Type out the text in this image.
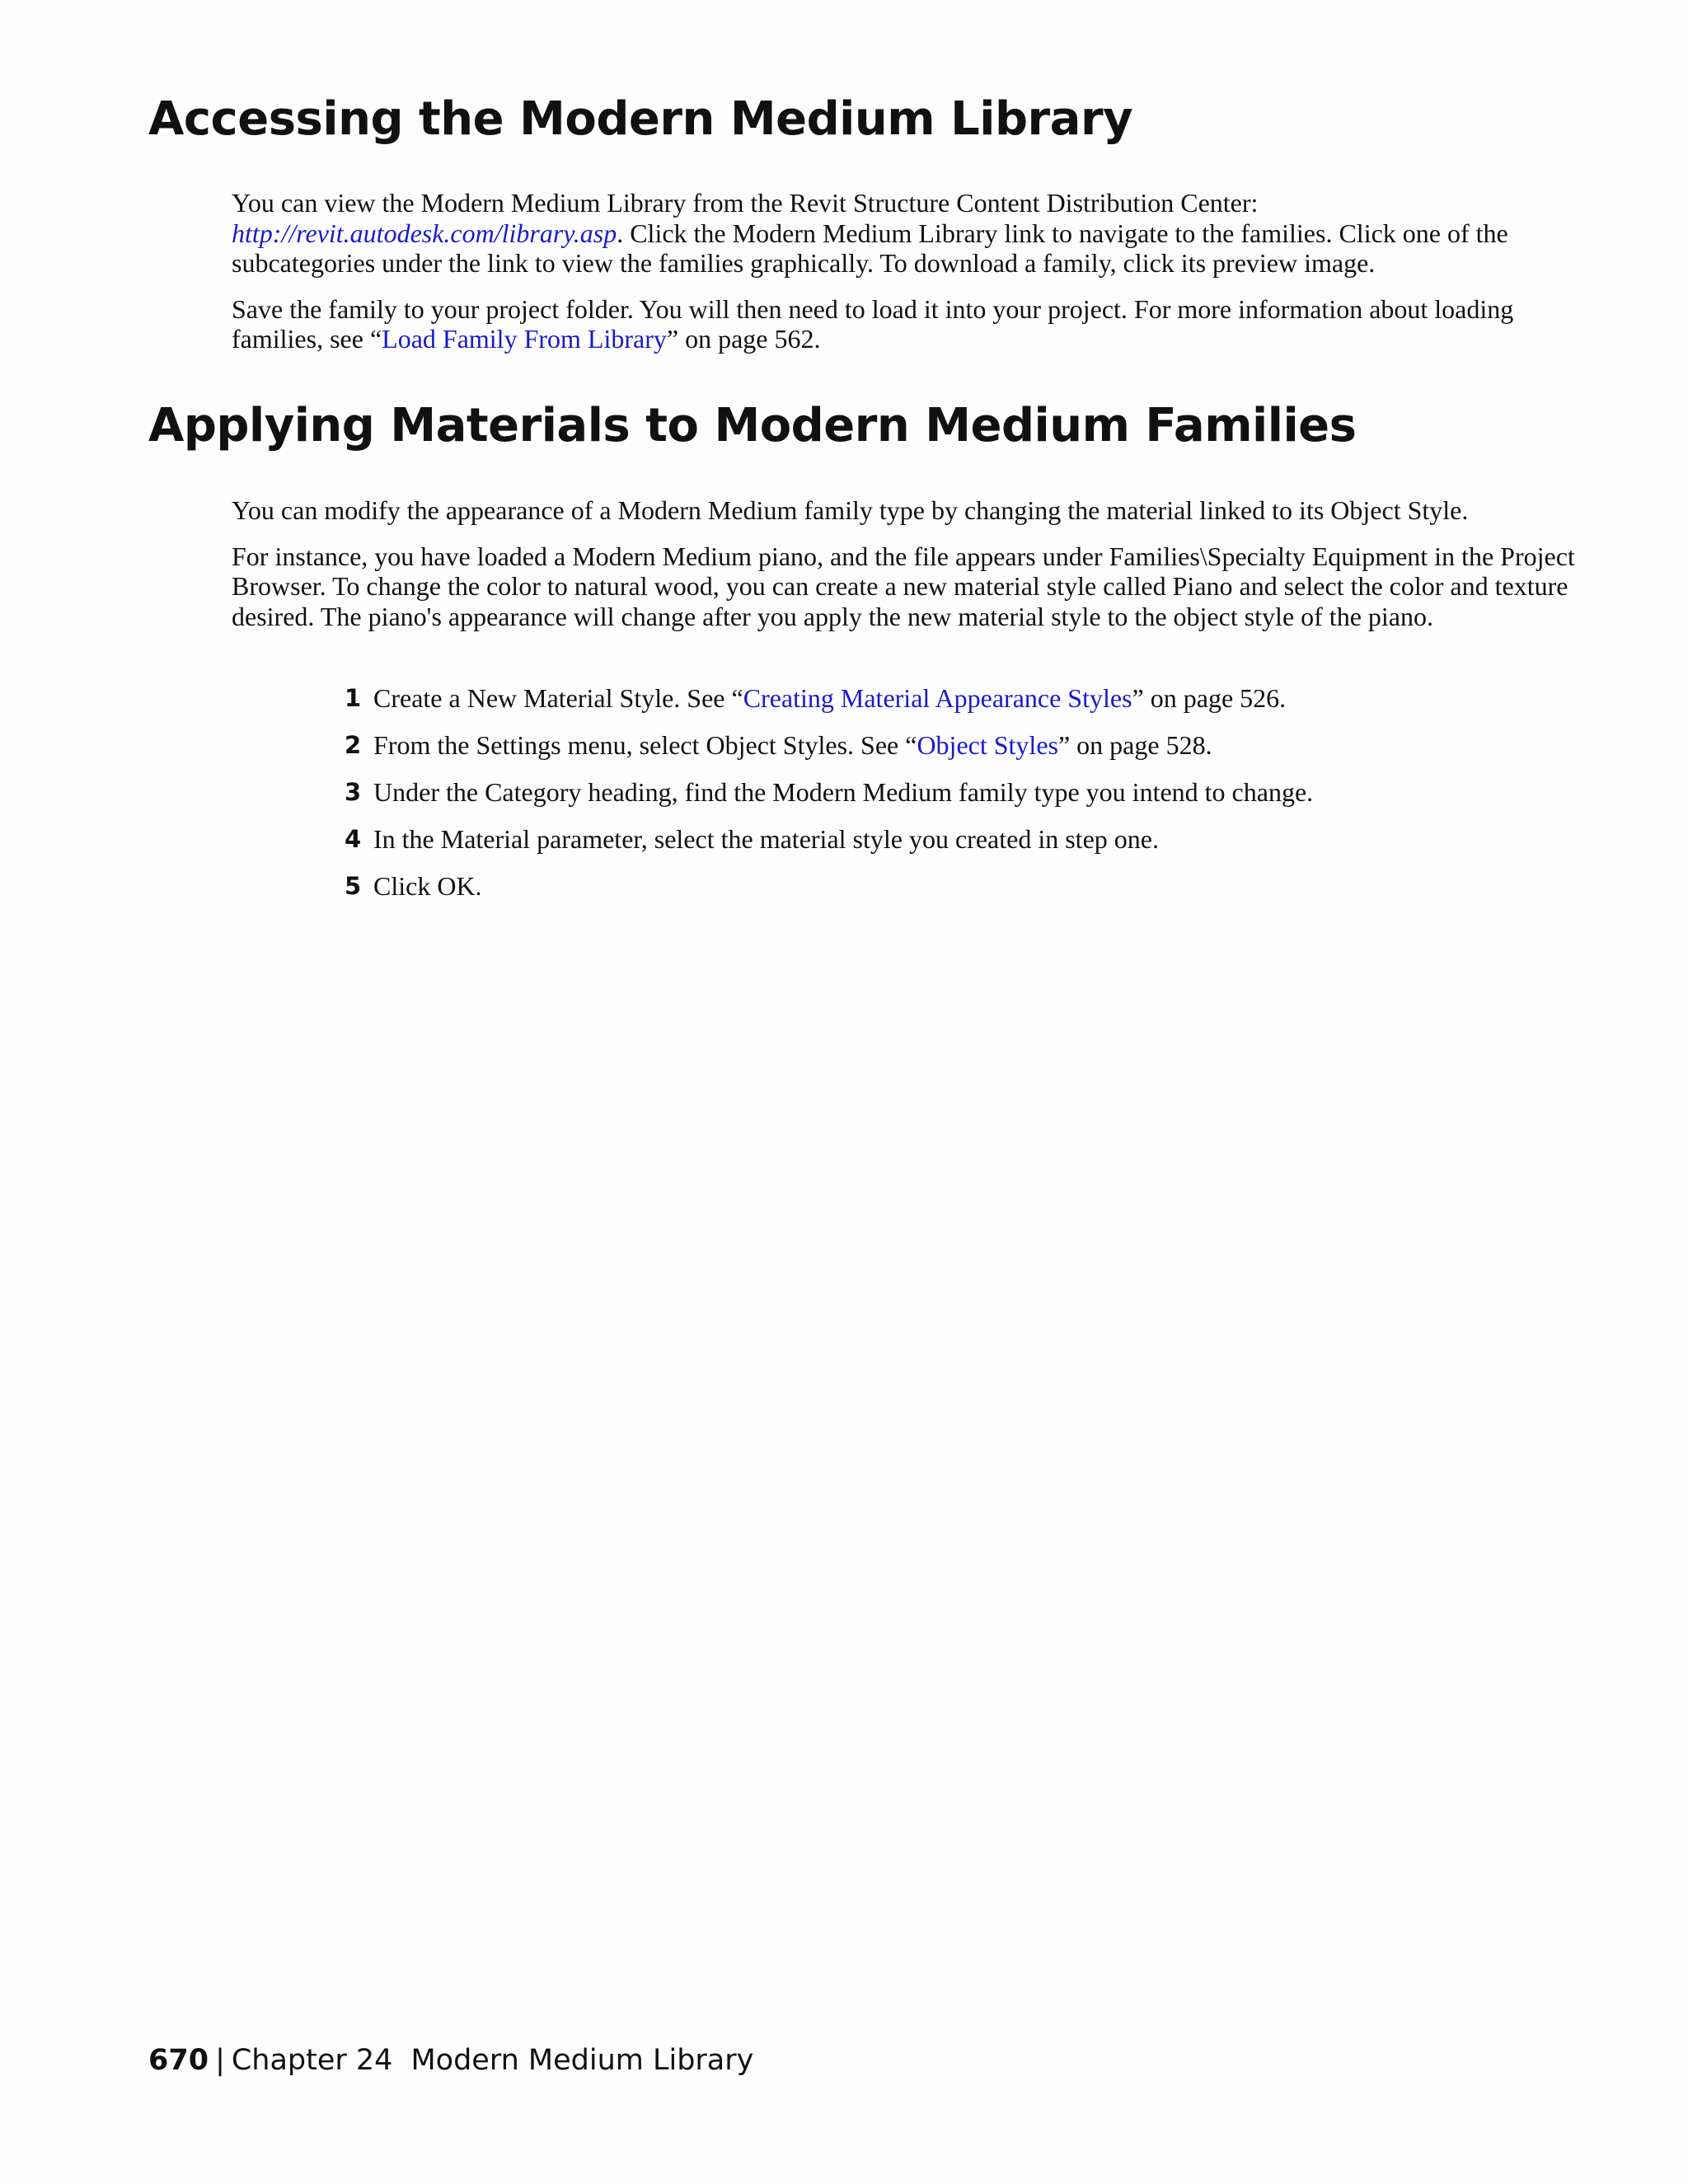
Accessing the Modern Medium Library

You can view the Modern Medium Library from the Revit Structure Content Distribution Center:
http://revit.autodesk.com/library.asp. Click the Modern Medium Library link to navigate to the families. Click one of the subcategories under the link to view the families graphically. To download a family, click its preview image.

Save the family to your project folder. You will then need to load it into your project. For more information about loading families, see “Load Family From Library” on page 562.

Applying Materials to Modern Medium Families

You can modify the appearance of a Modern Medium family type by changing the material linked to its Object Style.

For instance, you have loaded a Modern Medium piano, and the file appears under Families\Specialty Equipment in the Project Browser. To change the color to natural wood, you can create a new material style called Piano and select the color and texture desired. The piano's appearance will change after you apply the new material style to the object style of the piano.

1 Create a New Material Style. See “Creating Material Appearance Styles” on page 526.
2 From the Settings menu, select Object Styles. See “Object Styles” on page 528.
3 Under the Category heading, find the Modern Medium family type you intend to change.
4 In the Material parameter, select the material style you created in step one.
5 Click OK.
670 | Chapter 24 Modern Medium Library
